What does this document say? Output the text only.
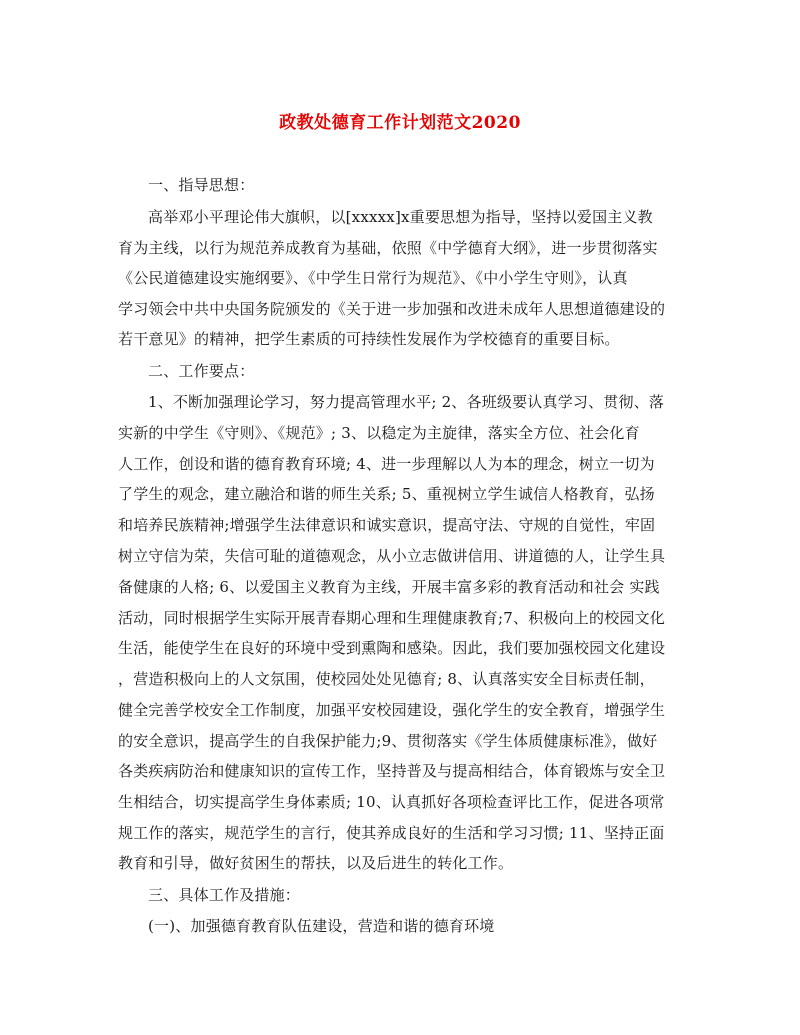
政教处德育工作计划范文2020
一、指导思想：
高举邓小平理论伟大旗帜，以[xxxxx]x重要思想为指导，坚持以爱国主义教
育为主线，以行为规范养成教育为基础，依照《中学德育大纲》，进一步贯彻落实
《公民道德建设实施纲要》、《中学生日常行为规范》、《中小学生守则》，认真
学习领会中共中央国务院颁发的《关于进一步加强和改进未成年人思想道德建设的
若干意见》的精神，把学生素质的可持续性发展作为学校德育的重要目标。
二、工作要点：
1、不断加强理论学习，努力提高管理水平; 2、各班级要认真学习、贯彻、落
实新的中学生《守则》、《规范》; 3、以稳定为主旋律，落实全方位、社会化育
人工作，创设和谐的德育教育环境; 4、进一步理解以人为本的理念，树立一切为
了学生的观念，建立融洽和谐的师生关系; 5、重视树立学生诚信人格教育，弘扬
和培养民族精神;增强学生法律意识和诚实意识，提高守法、守规的自觉性，牢固
树立守信为荣，失信可耻的道德观念，从小立志做讲信用、讲道德的人，让学生具
备健康的人格; 6、以爱国主义教育为主线，开展丰富多彩的教育活动和社会 实践
活动，同时根据学生实际开展青春期心理和生理健康教育;7、积极向上的校园文化
生活，能使学生在良好的环境中受到熏陶和感染。因此，我们要加强校园文化建设
，营造积极向上的人文氛围，使校园处处见德育; 8、认真落实安全目标责任制，
健全完善学校安全工作制度，加强平安校园建设，强化学生的安全教育，增强学生
的安全意识，提高学生的自我保护能力;9、贯彻落实《学生体质健康标准》，做好
各类疾病防治和健康知识的宣传工作，坚持普及与提高相结合，体育锻炼与安全卫
生相结合，切实提高学生身体素质; 10、认真抓好各项检查评比工作，促进各项常
规工作的落实，规范学生的言行，使其养成良好的生活和学习习惯; 11、坚持正面
教育和引导，做好贫困生的帮扶，以及后进生的转化工作。
三、具体工作及措施：
(一)、加强德育教育队伍建设，营造和谐的德育环境
